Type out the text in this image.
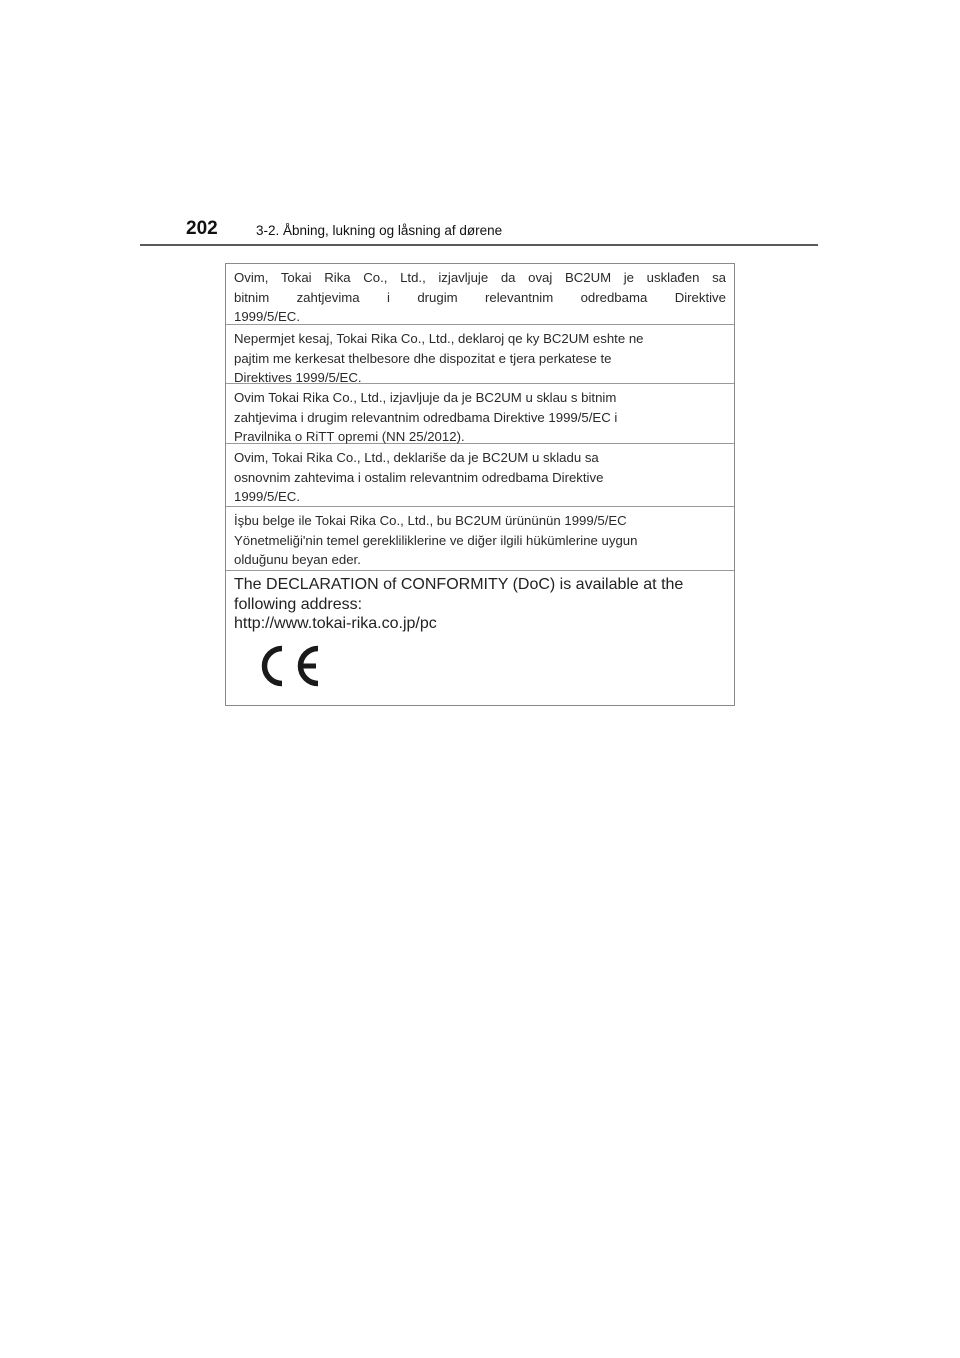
202	3-2. Åbning, lukning og låsning af dørene
Ovim, Tokai Rika Co., Ltd., izjavljuje da ovaj BC2UM je usklađen sa
bitnim zahtjevima i drugim relevantnim odredbama Direktive
1999/5/EC.
Nepermjet kesaj, Tokai Rika Co., Ltd., deklaroj qe ky BC2UM eshte ne
pajtim me kerkesat thelbesore dhe dispozitat e tjera perkatese te
Direktives 1999/5/EC.
Ovim Tokai Rika Co., Ltd., izjavljuje da je BC2UM u sklau s bitnim
zahtjevima i drugim relevantnim odredbama Direktive 1999/5/EC i
Pravilnika o RiTT opremi (NN 25/2012).
Ovim, Tokai Rika Co., Ltd., deklariše da je BC2UM u skladu sa
osnovnim zahtevima i ostalim relevantnim odredbama Direktive
1999/5/EC.
İşbu belge ile Tokai Rika Co., Ltd., bu BC2UM ürününün 1999/5/EC
Yönetmeliği'nin temel gerekliliklerine ve diğer ilgili hükümlerine uygun
olduğunu beyan eder.

The DECLARATION of CONFORMITY (DoC) is available at the
following address:
http://www.tokai-rika.co.jp/pc
